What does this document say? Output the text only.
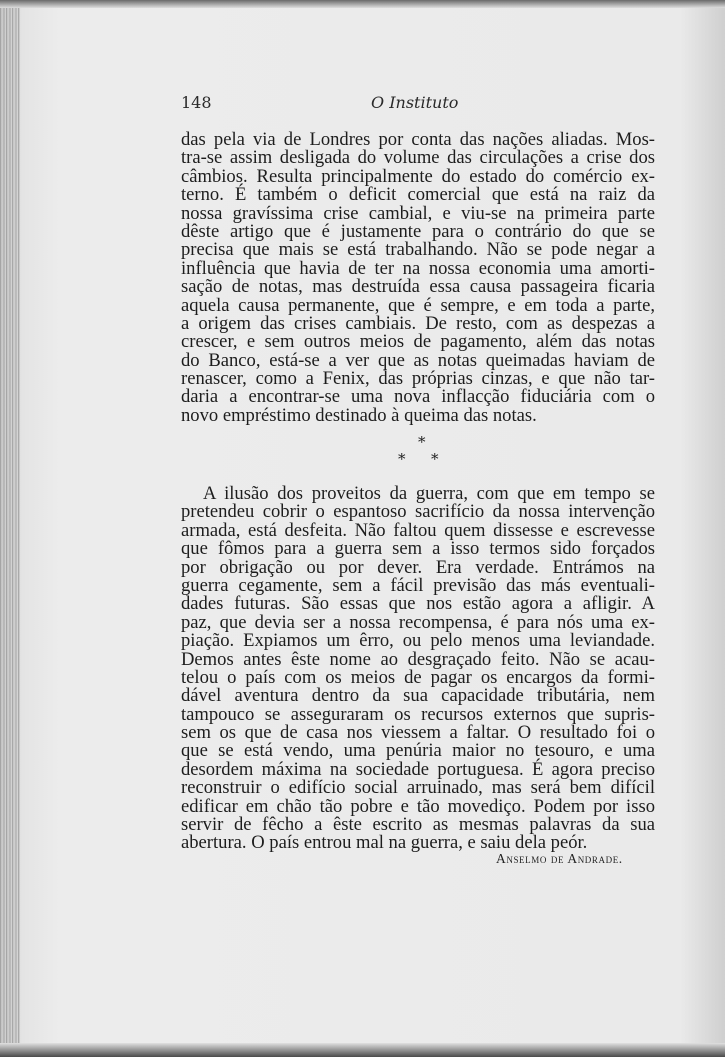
148	O Instituto
das pela via de Londres por conta das nações aliadas. Mos-
tra-se assim desligada do volume das circulações a crise dos
câmbios. Resulta principalmente do estado do comércio ex-
terno. É também o deficit comercial que está na raiz da
nossa gravíssima crise cambial, e viu-se na primeira parte
dêste artigo que é justamente para o contrário do que se
precisa que mais se está trabalhando. Não se pode negar a
influência que havia de ter na nossa economia uma amorti-
sação de notas, mas destruída essa causa passageira ficaria
aquela causa permanente, que é sempre, e em toda a parte,
a origem das crises cambiais. De resto, com as despezas a
crescer, e sem outros meios de pagamento, além das notas
do Banco, está-se a ver que as notas queimadas haviam de
renascer, como a Fenix, das próprias cinzas, e que não tar-
daria a encontrar-se uma nova inflacção fiduciária com o
novo empréstimo destinado à queima das notas.
*
* *
A ilusão dos proveitos da guerra, com que em tempo se
pretendeu cobrir o espantoso sacrifício da nossa intervenção
armada, está desfeita. Não faltou quem dissesse e escrevesse
que fômos para a guerra sem a isso termos sido forçados
por obrigação ou por dever. Era verdade. Entrámos na
guerra cegamente, sem a fácil previsão das más eventuali-
dades futuras. São essas que nos estão agora a afligir. A
paz, que devia ser a nossa recompensa, é para nós uma ex-
piação. Expiamos um êrro, ou pelo menos uma leviandade.
Demos antes êste nome ao desgraçado feito. Não se acau-
telou o país com os meios de pagar os encargos da formi-
dável aventura dentro da sua capacidade tributária, nem
tampouco se asseguraram os recursos externos que supris-
sem os que de casa nos viessem a faltar. O resultado foi o
que se está vendo, uma penúria maior no tesouro, e uma
desordem máxima na sociedade portuguesa. É agora preciso
reconstruir o edifício social arruinado, mas será bem difícil
edificar em chão tão pobre e tão movediço. Podem por isso
servir de fêcho a êste escrito as mesmas palavras da sua
abertura. O país entrou mal na guerra, e saiu dela peór.
Anselmo de Andrade.
